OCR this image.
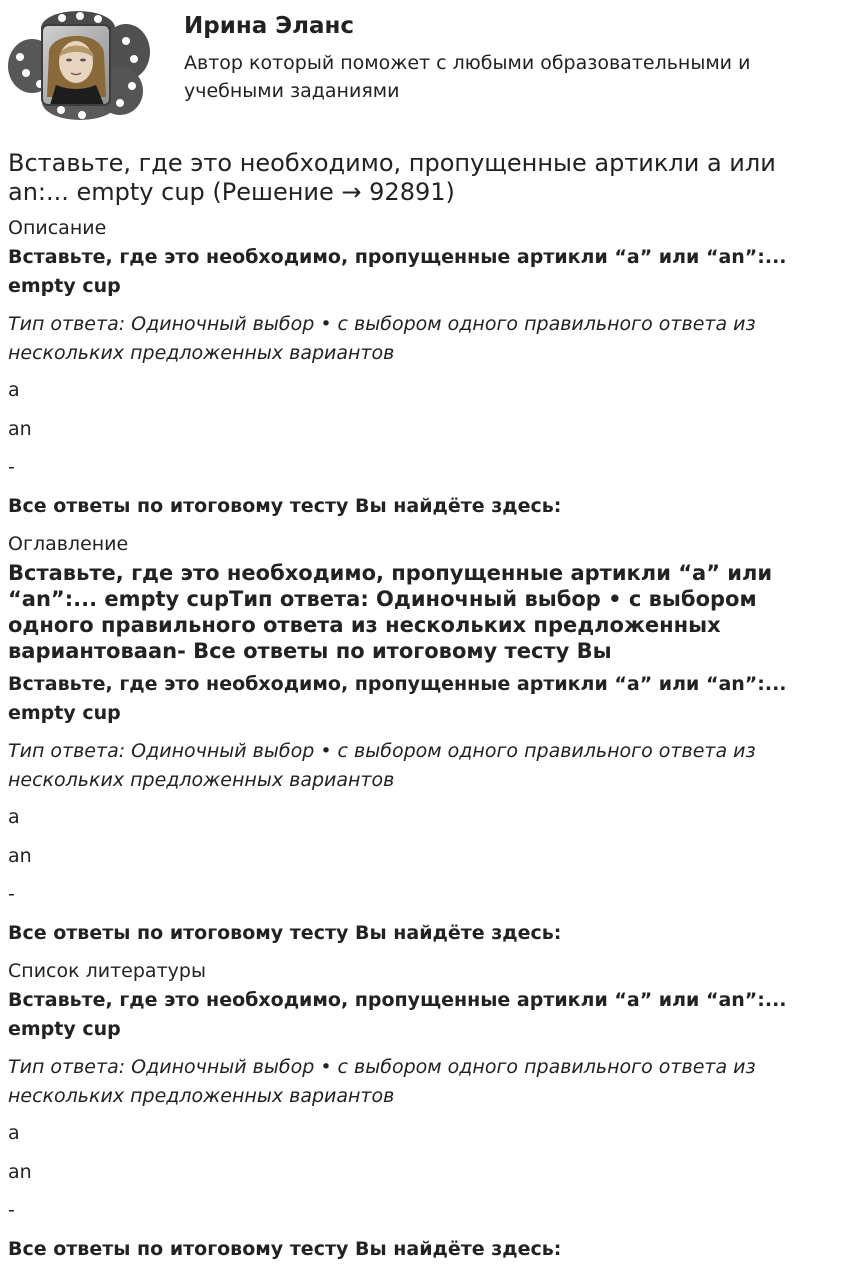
Ирина Эланс
Автор который поможет с любыми образовательными и учебными заданиями
Вставьте, где это необходимо, пропущенные артикли a или an:... empty cup (Решение → 92891)
Описание

Вставьте, где это необходимо, пропущенные артикли “a” или “an”:... empty cup

Тип ответа: Одиночный выбор • с выбором одного правильного ответа из нескольких предложенных вариантов

a

an

-

Все ответы по итоговому тесту Вы найдёте здесь:

Оглавление
Вставьте, где это необходимо, пропущенные артикли “a” или “an”:... empty cupТип ответа: Одиночный выбор • с выбором одного правильного ответа из нескольких предложенных вариантоваan- Все ответы по итоговому тесту Вы

Вставьте, где это необходимо, пропущенные артикли “a” или “an”:... empty cup

Тип ответа: Одиночный выбор • с выбором одного правильного ответа из нескольких предложенных вариантов

a

an

-

Все ответы по итоговому тесту Вы найдёте здесь:

Список литературы

Вставьте, где это необходимо, пропущенные артикли “a” или “an”:... empty cup

Тип ответа: Одиночный выбор • с выбором одного правильного ответа из нескольких предложенных вариантов

a

an

-

Все ответы по итоговому тесту Вы найдёте здесь:
